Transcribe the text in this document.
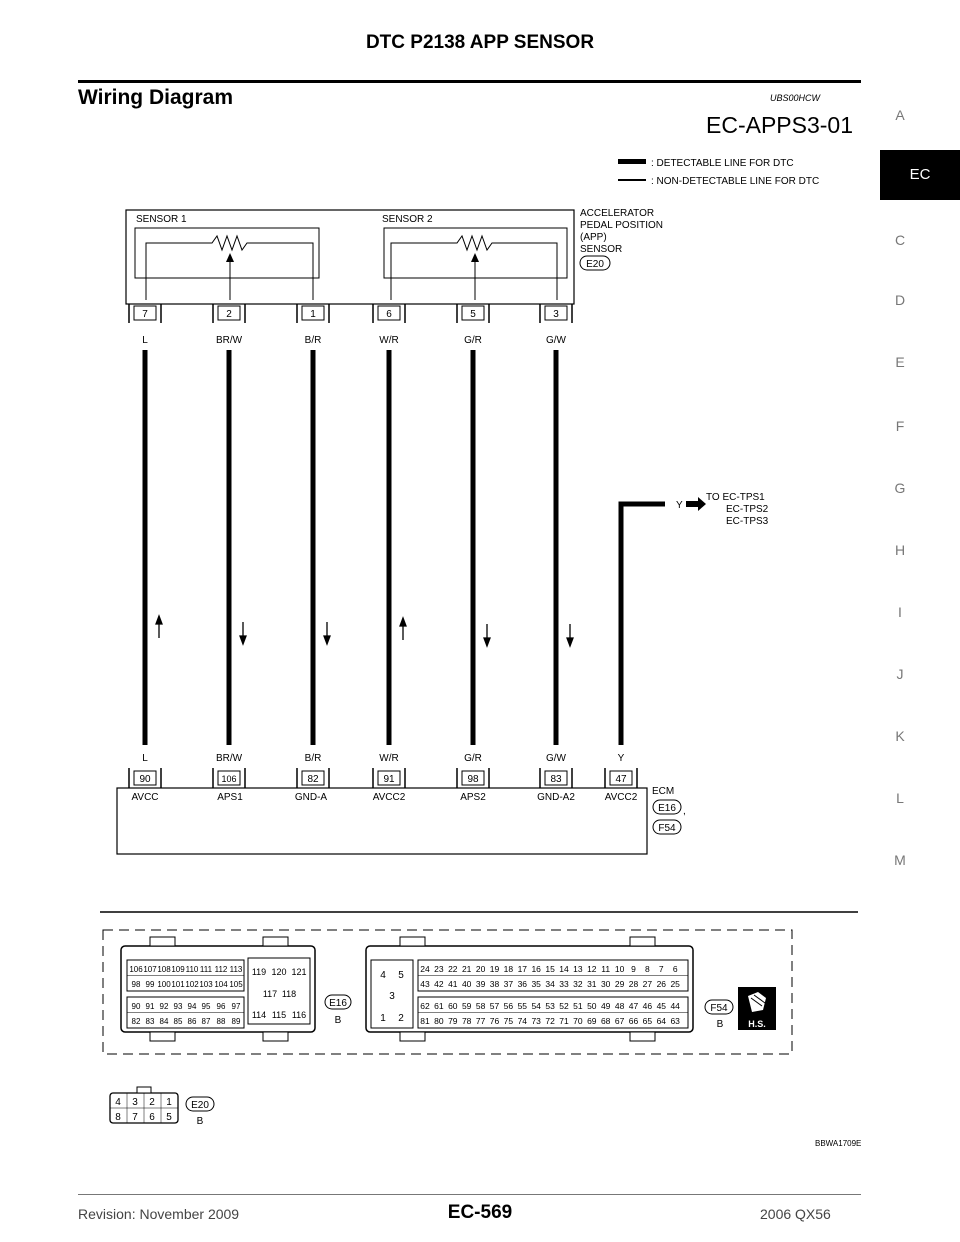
DTC P2138 APP SENSOR
Wiring Diagram	UBS00HCW
EC-APPS3-01	A
EC
C
D
E
F
G
H
I
J
K
L
M
: DETECTABLE LINE FOR DTC
: NON-DETECTABLE LINE FOR DTC
SENSOR 1	SENSOR 2
ACCELERATOR
PEDAL POSITION
(APP)
SENSOR
E20
7	2	1	6	5	3
L	BR/W	B/R	W/R	G/R	G/W
Y
TO EC-TPS1
EC-TPS2
EC-TPS3
L	BR/W	B/R	W/R	G/R	G/W	Y
90	106	82	91	98	83	47
AVCC	APS1	GND-A	AVCC2	APS2	GND-A2	AVCC2
ECM
E16 ,
F54
106 107 108 109 110 111 112 113
98 99 100 101 102 103 104 105
90 91 92 93 94 95 96 97
82 83 84 85 86 87 88 89
119 120 121
117 118
114 115 116
E16
B
4 5
3
1 2
24 23 22 21 20 19 18 17 16 15 14 13 12 11 10 9 8 7 6
43 42 41 40 39 38 37 36 35 34 33 32 31 30 29 28 27 26 25
62 61 60 59 58 57 56 55 54 53 52 51 50 49 48 47 46 45 44
81 80 79 78 77 76 75 74 73 72 71 70 69 68 67 66 65 64 63
F54
B	H.S.
4 3 2 1
8 7 6 5
E20
B
BBWA1709E
Revision: November 2009	EC-569	2006 QX56
